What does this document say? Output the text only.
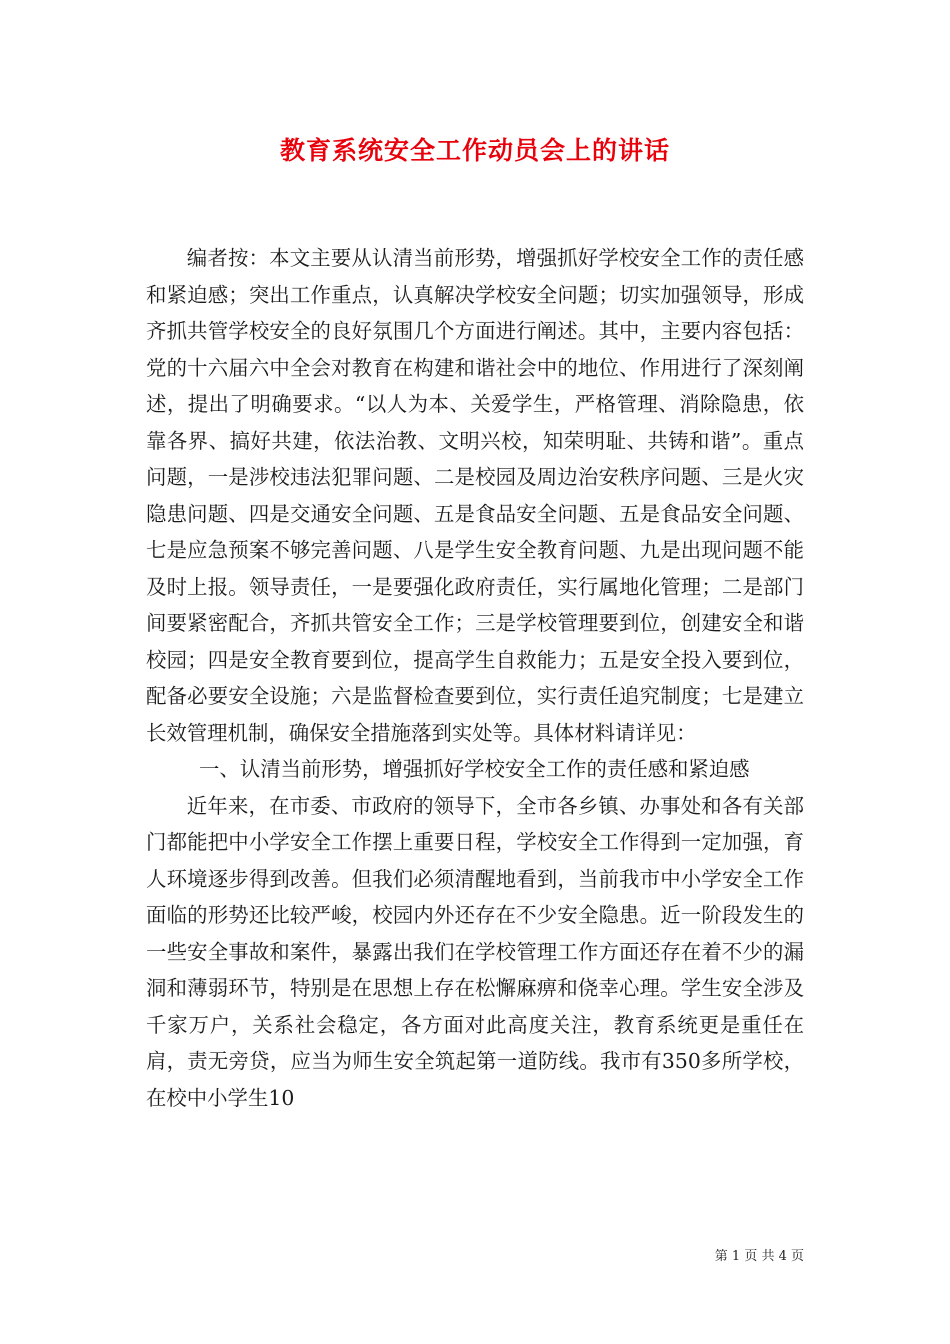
教育系统安全工作动员会上的讲话

编者按：本文主要从认清当前形势，增强抓好学校安全工作的责任感和紧迫感；突出工作重点，认真解决学校安全问题；切实加强领导，形成齐抓共管学校安全的良好氛围几个方面进行阐述。其中，主要内容包括：党的十六届六中全会对教育在构建和谐社会中的地位、作用进行了深刻阐述，提出了明确要求。“以人为本、关爱学生，严格管理、消除隐患，依靠各界、搞好共建，依法治教、文明兴校，知荣明耻、共铸和谐”。重点问题，一是涉校违法犯罪问题、二是校园及周边治安秩序问题、三是火灾隐患问题、四是交通安全问题、五是食品安全问题、五是食品安全问题、七是应急预案不够完善问题、八是学生安全教育问题、九是出现问题不能及时上报。领导责任，一是要强化政府责任，实行属地化管理；二是部门间要紧密配合，齐抓共管安全工作；三是学校管理要到位，创建安全和谐校园；四是安全教育要到位，提高学生自救能力；五是安全投入要到位，配备必要安全设施；六是监督检查要到位，实行责任追究制度；七是建立长效管理机制，确保安全措施落到实处等。具体材料请详见：

一、认清当前形势，增强抓好学校安全工作的责任感和紧迫感

近年来，在市委、市政府的领导下，全市各乡镇、办事处和各有关部门都能把中小学安全工作摆上重要日程，学校安全工作得到一定加强，育人环境逐步得到改善。但我们必须清醒地看到，当前我市中小学安全工作面临的形势还比较严峻，校园内外还存在不少安全隐患。近一阶段发生的一些安全事故和案件，暴露出我们在学校管理工作方面还存在着不少的漏洞和薄弱环节，特别是在思想上存在松懈麻痹和侥幸心理。学生安全涉及千家万户，关系社会稳定，各方面对此高度关注，教育系统更是重任在肩，责无旁贷，应当为师生安全筑起第一道防线。我市有350多所学校，在校中小学生10

第 1 页 共 4 页
